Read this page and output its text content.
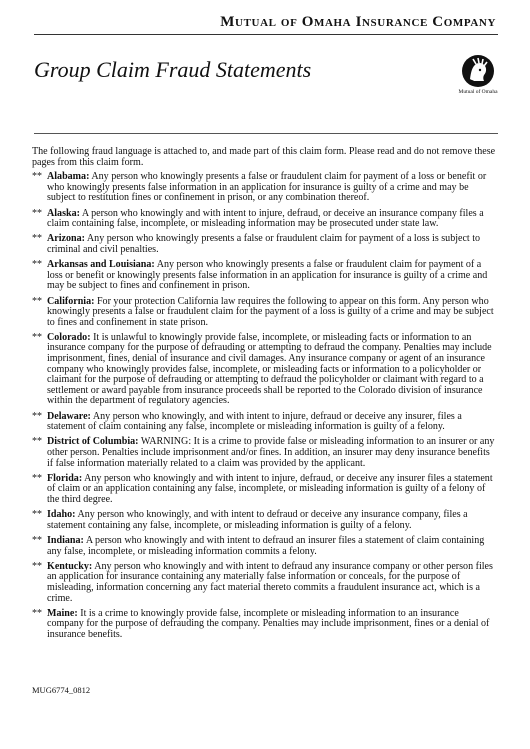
Mutual of Omaha Insurance Company
Group Claim Fraud Statements
Mutual of Omaha

The following fraud language is attached to, and made part of this claim form. Please read and do not remove these pages from this claim form.

** Alabama: Any person who knowingly presents a false or fraudulent claim for payment of a loss or benefit or who knowingly presents false information in an application for insurance is guilty of a crime and may be subject to restitution fines or confinement in prison, or any combination thereof.
** Alaska: A person who knowingly and with intent to injure, defraud, or deceive an insurance company files a claim containing false, incomplete, or misleading information may be prosecuted under state law.
** Arizona: Any person who knowingly presents a false or fraudulent claim for payment of a loss is subject to criminal and civil penalties.
** Arkansas and Louisiana: Any person who knowingly presents a false or fraudulent claim for payment of a loss or benefit or knowingly presents false information in an application for insurance is guilty of a crime and may be subject to fines and confinement in prison.
** California: For your protection California law requires the following to appear on this form. Any person who knowingly presents a false or fraudulent claim for the payment of a loss is guilty of a crime and may be subject to fines and confinement in state prison.
** Colorado: It is unlawful to knowingly provide false, incomplete, or misleading facts or information to an insurance company for the purpose of defrauding or attempting to defraud the company. Penalties may include imprisonment, fines, denial of insurance and civil damages. Any insurance company or agent of an insurance company who knowingly provides false, incomplete, or misleading facts or information to a policyholder or claimant for the purpose of defrauding or attempting to defraud the policyholder or claimant with regard to a settlement or award payable from insurance proceeds shall be reported to the Colorado division of insurance within the department of regulatory agencies.
** Delaware: Any person who knowingly, and with intent to injure, defraud or deceive any insurer, files a statement of claim containing any false, incomplete or misleading information is guilty of a felony.
** District of Columbia: WARNING: It is a crime to provide false or misleading information to an insurer or any other person. Penalties include imprisonment and/or fines. In addition, an insurer may deny insurance benefits if false information materially related to a claim was provided by the applicant.
** Florida: Any person who knowingly and with intent to injure, defraud, or deceive any insurer files a statement of claim or an application containing any false, incomplete, or misleading information is guilty of a felony of the third degree.
** Idaho: Any person who knowingly, and with intent to defraud or deceive any insurance company, files a statement containing any false, incomplete, or misleading information is guilty of a felony.
** Indiana: A person who knowingly and with intent to defraud an insurer files a statement of claim containing any false, incomplete, or misleading information commits a felony.
** Kentucky: Any person who knowingly and with intent to defraud any insurance company or other person files an application for insurance containing any materially false information or conceals, for the purpose of misleading, information concerning any fact material thereto commits a fraudulent insurance act, which is a crime.
** Maine: It is a crime to knowingly provide false, incomplete or misleading information to an insurance company for the purpose of defrauding the company. Penalties may include imprisonment, fines or a denial of insurance benefits.
MUG6774_0812
